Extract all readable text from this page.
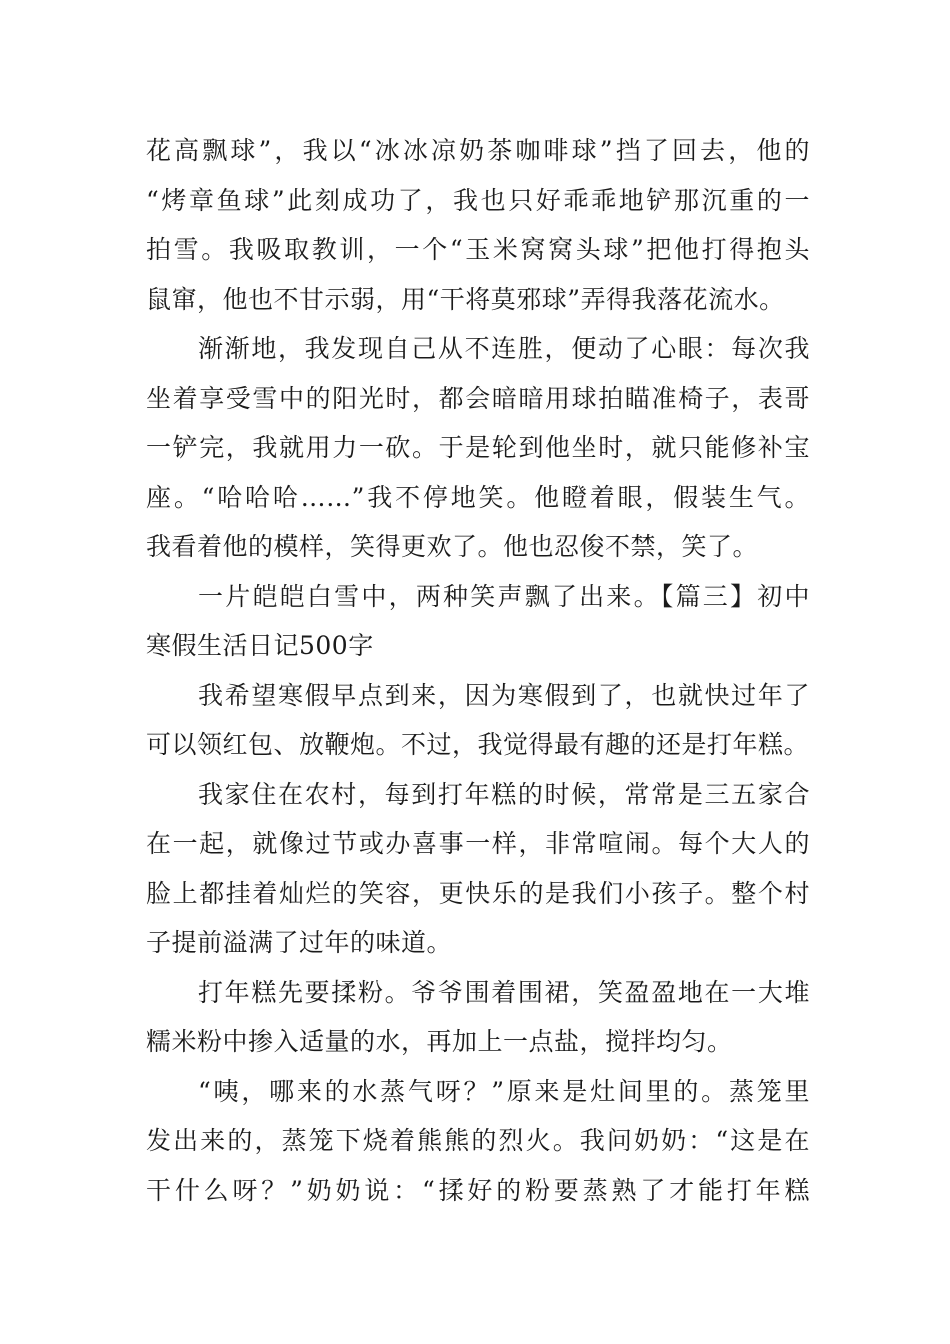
花高飘球”，我以“冰冰凉奶茶咖啡球”挡了回去，他的
“烤章鱼球”此刻成功了，我也只好乖乖地铲那沉重的一
拍雪。我吸取教训，一个“玉米窝窝头球”把他打得抱头
鼠窜，他也不甘示弱，用“干将莫邪球”弄得我落花流水。
渐渐地，我发现自己从不连胜，便动了心眼：每次我
坐着享受雪中的阳光时，都会暗暗用球拍瞄准椅子，表哥
一铲完，我就用力一砍。于是轮到他坐时，就只能修补宝
座。“哈哈哈……”我不停地笑。他瞪着眼，假装生气。
我看着他的模样，笑得更欢了。他也忍俊不禁，笑了。
一片皑皑白雪中，两种笑声飘了出来。【篇三】初中
寒假生活日记500字
我希望寒假早点到来，因为寒假到了，也就快过年了
可以领红包、放鞭炮。不过，我觉得最有趣的还是打年糕。
我家住在农村，每到打年糕的时候，常常是三五家合
在一起，就像过节或办喜事一样，非常喧闹。每个大人的
脸上都挂着灿烂的笑容，更快乐的是我们小孩子。整个村
子提前溢满了过年的味道。
打年糕先要揉粉。爷爷围着围裙，笑盈盈地在一大堆
糯米粉中掺入适量的水，再加上一点盐，搅拌均匀。
“咦，哪来的水蒸气呀？”原来是灶间里的。蒸笼里
发出来的，蒸笼下烧着熊熊的烈火。我问奶奶：“这是在
干什么呀？”奶奶说：“揉好的粉要蒸熟了才能打年糕
